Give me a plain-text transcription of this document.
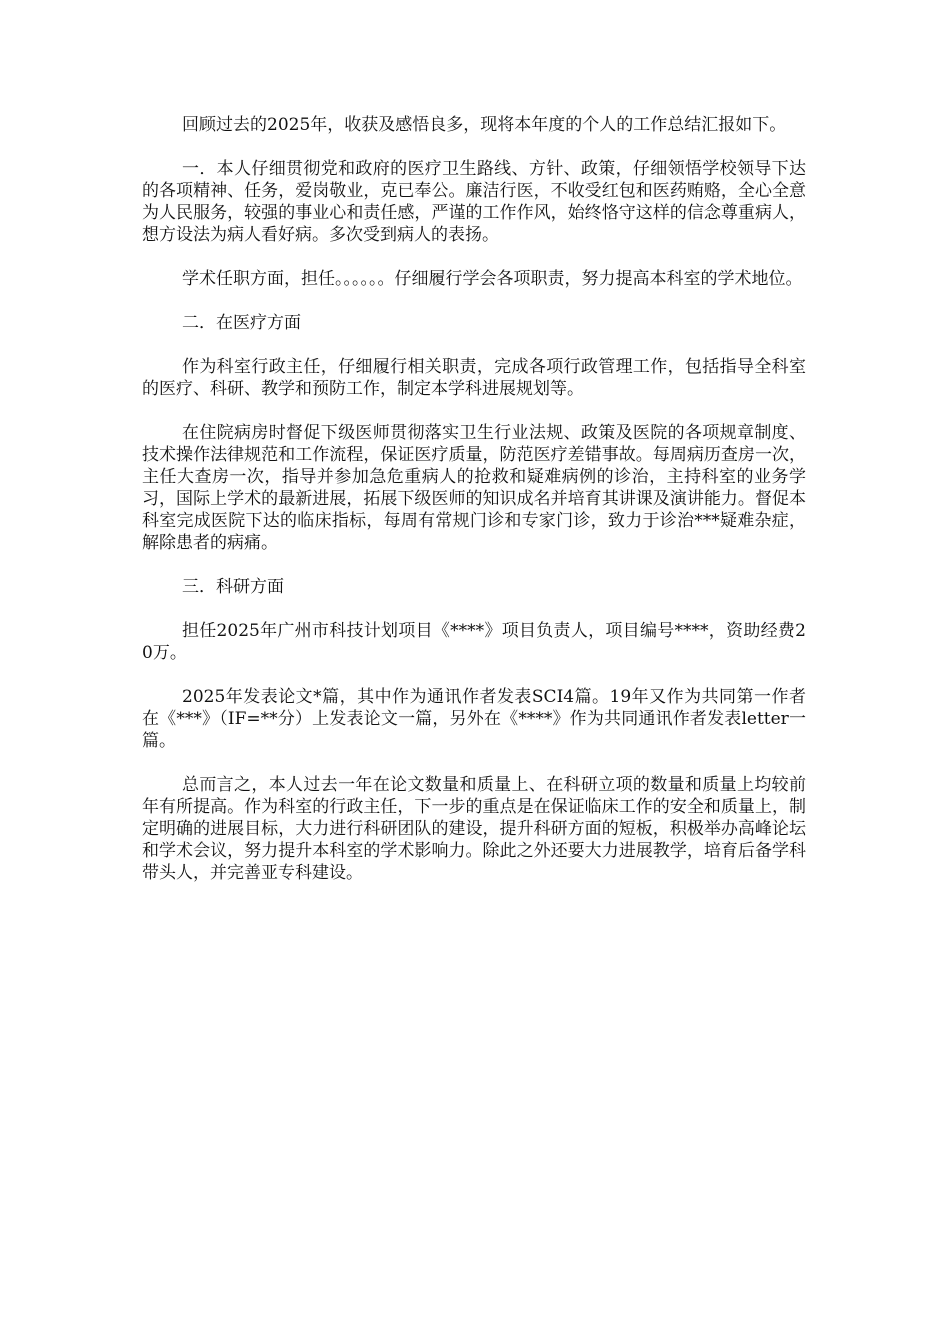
回顾过去的2025年，收获及感悟良多，现将本年度的个人的工作总结汇报如下。

一．本人仔细贯彻党和政府的医疗卫生路线、方针、政策，仔细领悟学校领导下达的各项精神、任务，爱岗敬业，克已奉公。廉洁行医，不收受红包和医药贿赂，全心全意为人民服务，较强的事业心和责任感，严谨的工作作风，始终恪守这样的信念尊重病人，想方设法为病人看好病。多次受到病人的表扬。

学术任职方面，担任。。。。。。仔细履行学会各项职责，努力提高本科室的学术地位。

二．在医疗方面

作为科室行政主任，仔细履行相关职责，完成各项行政管理工作，包括指导全科室的医疗、科研、教学和预防工作，制定本学科进展规划等。

在住院病房时督促下级医师贯彻落实卫生行业法规、政策及医院的各项规章制度、技术操作法律规范和工作流程，保证医疗质量，防范医疗差错事故。每周病历查房一次，主任大查房一次，指导并参加急危重病人的抢救和疑难病例的诊治，主持科室的业务学习，国际上学术的最新进展，拓展下级医师的知识成名并培育其讲课及演讲能力。督促本科室完成医院下达的临床指标，每周有常规门诊和专家门诊，致力于诊治***疑难杂症，解除患者的病痛。

三．科研方面

担任2025年广州市科技计划项目《****》项目负责人，项目编号****，资助经费20万。

2025年发表论文*篇，其中作为通讯作者发表SCI4篇。19年又作为共同第一作者在《***》（IF=**分）上发表论文一篇，另外在《****》作为共同通讯作者发表letter一篇。

总而言之，本人过去一年在论文数量和质量上、在科研立项的数量和质量上均较前年有所提高。作为科室的行政主任，下一步的重点是在保证临床工作的安全和质量上，制定明确的进展目标，大力进行科研团队的建设，提升科研方面的短板，积极举办高峰论坛和学术会议，努力提升本科室的学术影响力。除此之外还要大力进展教学，培育后备学科带头人，并完善亚专科建设。
